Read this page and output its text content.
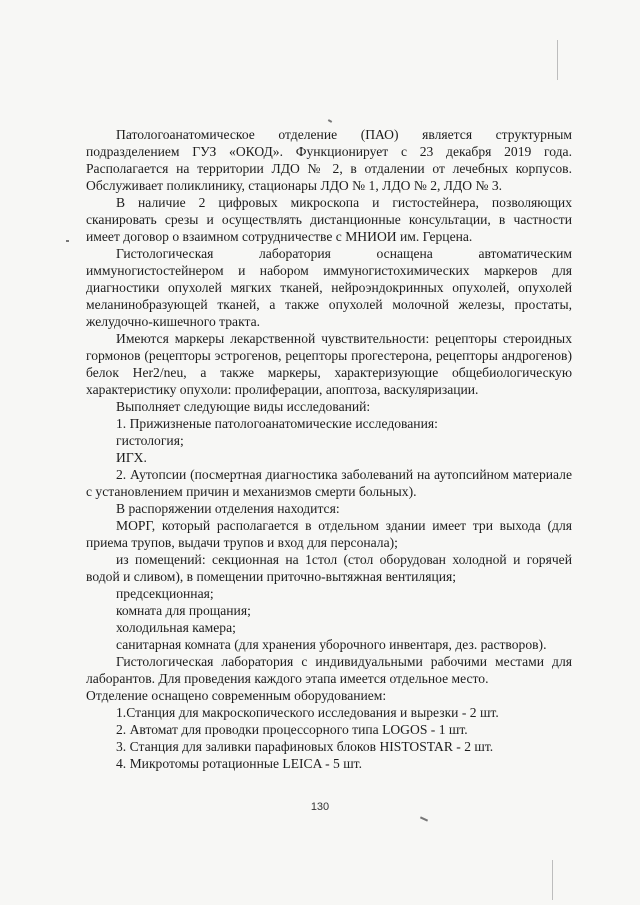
Патологоанатомическое отделение (ПАО) является структурным подразделением ГУЗ «ОКОД». Функционирует с 23 декабря 2019 года. Располагается на территории ЛДО № 2, в отдалении от лечебных корпусов. Обслуживает поликлинику, стационары ЛДО № 1, ЛДО № 2, ЛДО № 3.

В наличие 2 цифровых микроскопа и гистостейнера, позволяющих сканировать срезы и осуществлять дистанционные консультации, в частности имеет договор о взаимном сотрудничестве с МНИОИ им. Герцена.

Гистологическая лаборатория оснащена автоматическим иммуногистостейнером и набором иммуногистохимических маркеров для диагностики опухолей мягких тканей, нейроэндокринных опухолей, опухолей меланинобразующей тканей, а также опухолей молочной железы, простаты, желудочно-кишечного тракта.

Имеются маркеры лекарственной чувствительности: рецепторы стероидных гормонов (рецепторы эстрогенов, рецепторы прогестерона, рецепторы андрогенов) белок Her2/neu, а также маркеры, характеризующие общебиологическую характеристику опухоли: пролиферации, апоптоза, васкуляризации.

Выполняет следующие виды исследований:

1. Прижизненые патологоанатомические исследования:

гистология;

ИГХ.

2. Аутопсии (посмертная диагностика заболеваний на аутопсийном материале с установлением причин и механизмов смерти больных).

В распоряжении отделения находится:

МОРГ, который располагается в отдельном здании имеет три выхода (для приема трупов, выдачи трупов и вход для персонала);

из помещений: секционная на 1стол (стол оборудован холодной и горячей водой и сливом), в помещении приточно-вытяжная вентиляция;

предсекционная;

комната для прощания;

холодильная камера;

санитарная комната (для хранения уборочного инвентаря, дез. растворов).

Гистологическая лаборатория с индивидуальными рабочими местами для лаборантов. Для проведения каждого этапа имеется отдельное место.

Отделение оснащено современным оборудованием:

1.Станция для макроскопического исследования и вырезки - 2 шт.

2. Автомат для проводки процессорного типа LOGOS - 1 шт.

3. Станция для заливки парафиновых блоков HISTOSTAR - 2 шт.

4. Микротомы ротационные LEICA - 5 шт.

130
